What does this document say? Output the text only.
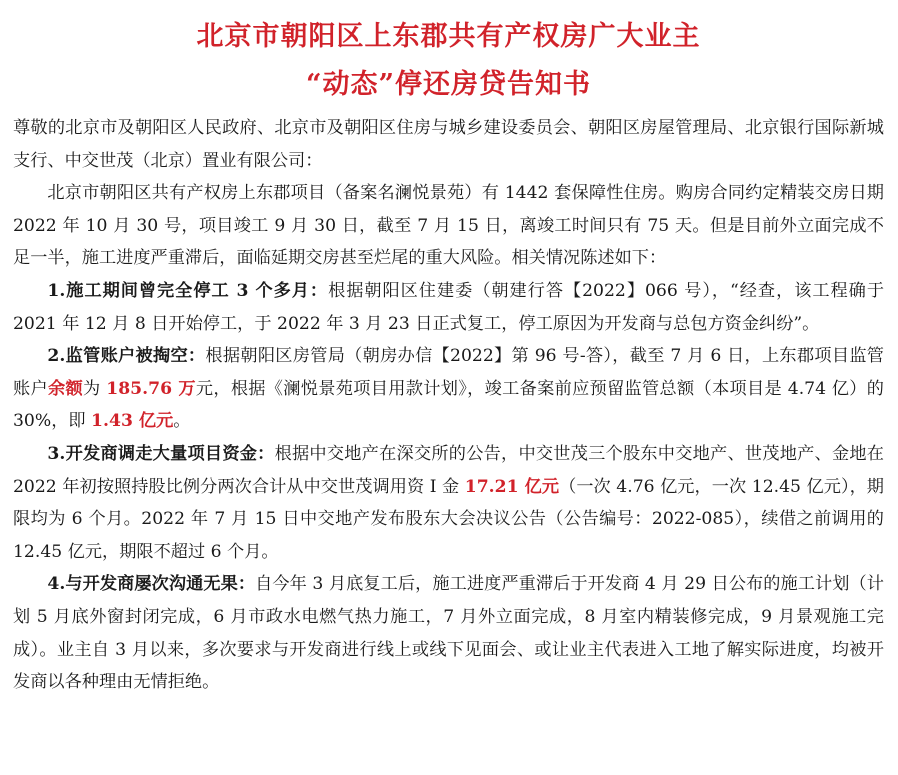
北京市朝阳区上东郡共有产权房广大业主
“动态”停还房贷告知书

尊敬的北京市及朝阳区人民政府、北京市及朝阳区住房与城乡建设委员会、朝阳区房屋管理局、北京银行国际新城支行、中交世茂（北京）置业有限公司：

北京市朝阳区共有产权房上东郡项目（备案名澜悦景苑）有 1442 套保障性住房。购房合同约定精装交房日期 2022 年 10 月 30 号，项目竣工 9 月 30 日，截至 7 月 15 日，离竣工时间只有 75 天。但是目前外立面完成不足一半，施工进度严重滞后，面临延期交房甚至烂尾的重大风险。相关情况陈述如下：

1.施工期间曾完全停工 3 个多月：根据朝阳区住建委（朝建行答【2022】066 号），“经查，该工程确于 2021 年 12 月 8 日开始停工，于 2022 年 3 月 23 日正式复工，停工原因为开发商与总包方资金纠纷”。

2.监管账户被掏空：根据朝阳区房管局（朝房办信【2022】第 96 号-答），截至 7 月 6 日，上东郡项目监管账户余额为 185.76 万元，根据《澜悦景苑项目用款计划》，竣工备案前应预留监管总额（本项目是 4.74 亿）的 30%，即 1.43 亿元。

3.开发商调走大量项目资金：根据中交地产在深交所的公告，中交世茂三个股东中交地产、世茂地产、金地在 2022 年初按照持股比例分两次合计从中交世茂调用资 I 金 17.21 亿元（一次 4.76 亿元，一次 12.45 亿元），期限均为 6 个月。2022 年 7 月 15 日中交地产发布股东大会决议公告（公告编号：2022-085），续借之前调用的 12.45 亿元，期限不超过 6 个月。

4.与开发商屡次沟通无果：自今年 3 月底复工后，施工进度严重滞后于开发商 4 月 29 日公布的施工计划（计划 5 月底外窗封闭完成，6 月市政水电燃气热力施工，7 月外立面完成，8 月室内精装修完成，9 月景观施工完成）。业主自 3 月以来，多次要求与开发商进行线上或线下见面会、或让业主代表进入工地了解实际进度，均被开发商以各种理由无情拒绝。
